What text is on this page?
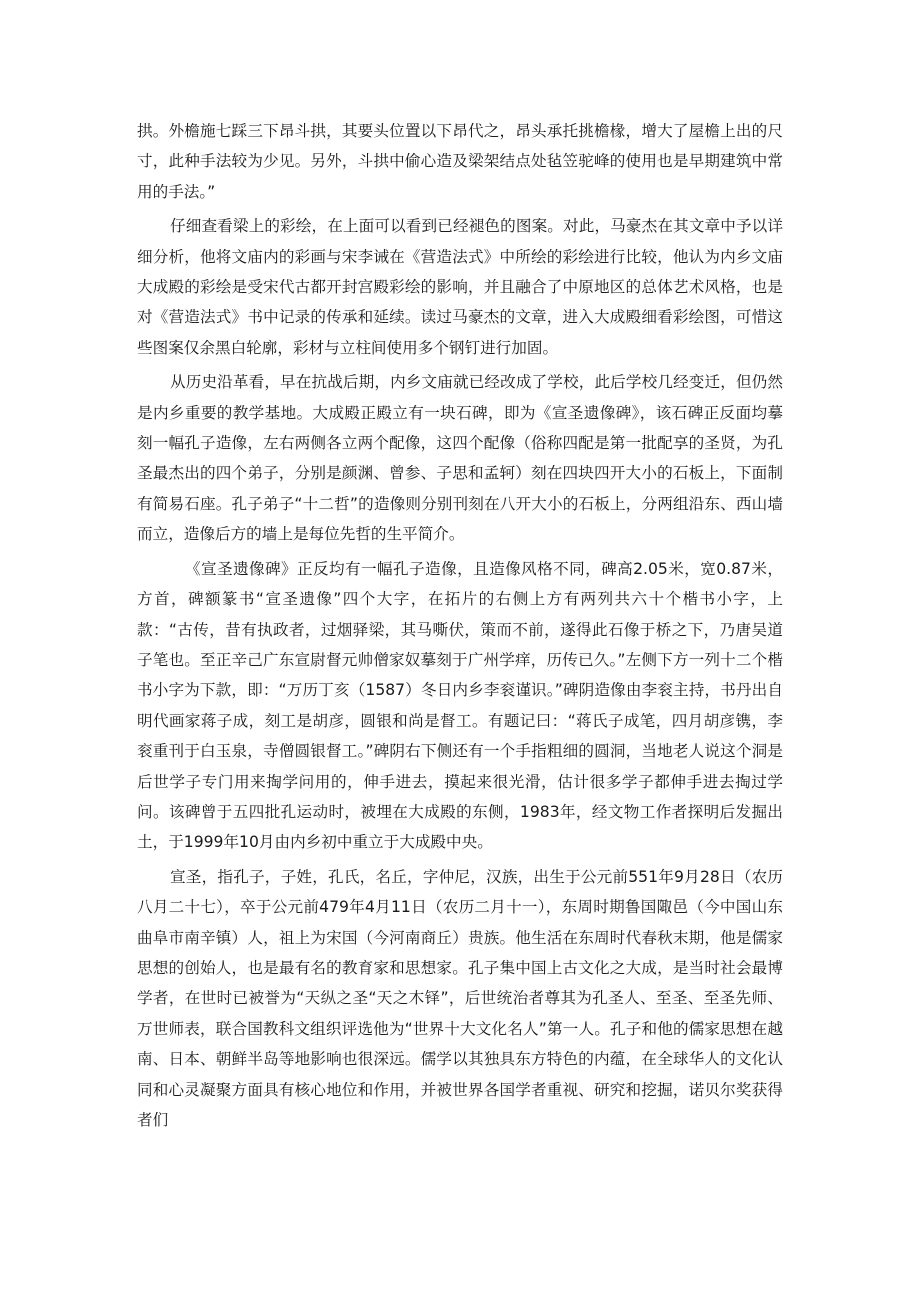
拱。外檐施七踩三下昂斗拱，其要头位置以下昂代之，昂头承托挑檐椽，增大了屋檐上出的尺寸，此种手法较为少见。另外，斗拱中偷心造及梁架结点处毡笠驼峰的使用也是早期建筑中常用的手法。”

仔细查看梁上的彩绘，在上面可以看到已经褪色的图案。对此，马豪杰在其文章中予以详细分析，他将文庙内的彩画与宋李诫在《营造法式》中所绘的彩绘进行比较，他认为内乡文庙大成殿的彩绘是受宋代古都开封宫殿彩绘的影响，并且融合了中原地区的总体艺术风格，也是对《营造法式》书中记录的传承和延续。读过马豪杰的文章，进入大成殿细看彩绘图，可惜这些图案仅余黑白轮廓，彩材与立柱间使用多个钢钉进行加固。

从历史沿革看，早在抗战后期，内乡文庙就已经改成了学校，此后学校几经变迁，但仍然是内乡重要的教学基地。大成殿正殿立有一块石碑，即为《宣圣遗像碑》，该石碑正反面均摹刻一幅孔子造像，左右两侧各立两个配像，这四个配像（俗称四配是第一批配享的圣贤，为孔圣最杰出的四个弟子，分别是颜渊、曾参、子思和孟轲）刻在四块四开大小的石板上，下面制有简易石座。孔子弟子“十二哲”的造像则分别刊刻在八开大小的石板上，分两组沿东、西山墙而立，造像后方的墙上是每位先哲的生平简介。

《宣圣遗像碑》正反均有一幅孔子造像，且造像风格不同，碑高2.05米，宽0.87米，方首，碑额篆书“宣圣遗像”四个大字，在拓片的右侧上方有两列共六十个楷书小字，上款：“古传，昔有执政者，过烟驿梁，其马嘶伏，策而不前，遂得此石像于桥之下，乃唐吴道子笔也。至正辛己广东宣尉督元帅僧家奴摹刻于广州学痒，历传已久。”左侧下方一列十二个楷书小字为下款，即：“万历丁亥（1587）冬日内乡李衮谨识。”碑阴造像由李衮主持，书丹出自明代画家蒋子成，刻工是胡彦，圆银和尚是督工。有题记曰：“蒋氏子成笔，四月胡彦镌，李衮重刊于白玉泉，寺僧圆银督工。”碑阴右下侧还有一个手指粗细的圆洞，当地老人说这个洞是后世学子专门用来掏学问用的，伸手进去，摸起来很光滑，估计很多学子都伸手进去掏过学问。该碑曾于五四批孔运动时，被埋在大成殿的东侧，1983年，经文物工作者探明后发掘出土，于1999年10月由内乡初中重立于大成殿中央。

宣圣，指孔子，子姓，孔氏，名丘，字仲尼，汉族，出生于公元前551年9月28日（农历八月二十七），卒于公元前479年4月11日（农历二月十一），东周时期鲁国陬邑（今中国山东曲阜市南辛镇）人，祖上为宋国（今河南商丘）贵族。他生活在东周时代春秋末期，他是儒家思想的创始人，也是最有名的教育家和思想家。孔子集中国上古文化之大成，是当时社会最博学者，在世时已被誉为“天纵之圣“天之木铎”，后世统治者尊其为孔圣人、至圣、至圣先师、万世师表，联合国教科文组织评选他为“世界十大文化名人”第一人。孔子和他的儒家思想在越南、日本、朝鲜半岛等地影响也很深远。儒学以其独具东方特色的内蕴，在全球华人的文化认同和心灵凝聚方面具有核心地位和作用，并被世界各国学者重视、研究和挖掘，诺贝尔奖获得者们
